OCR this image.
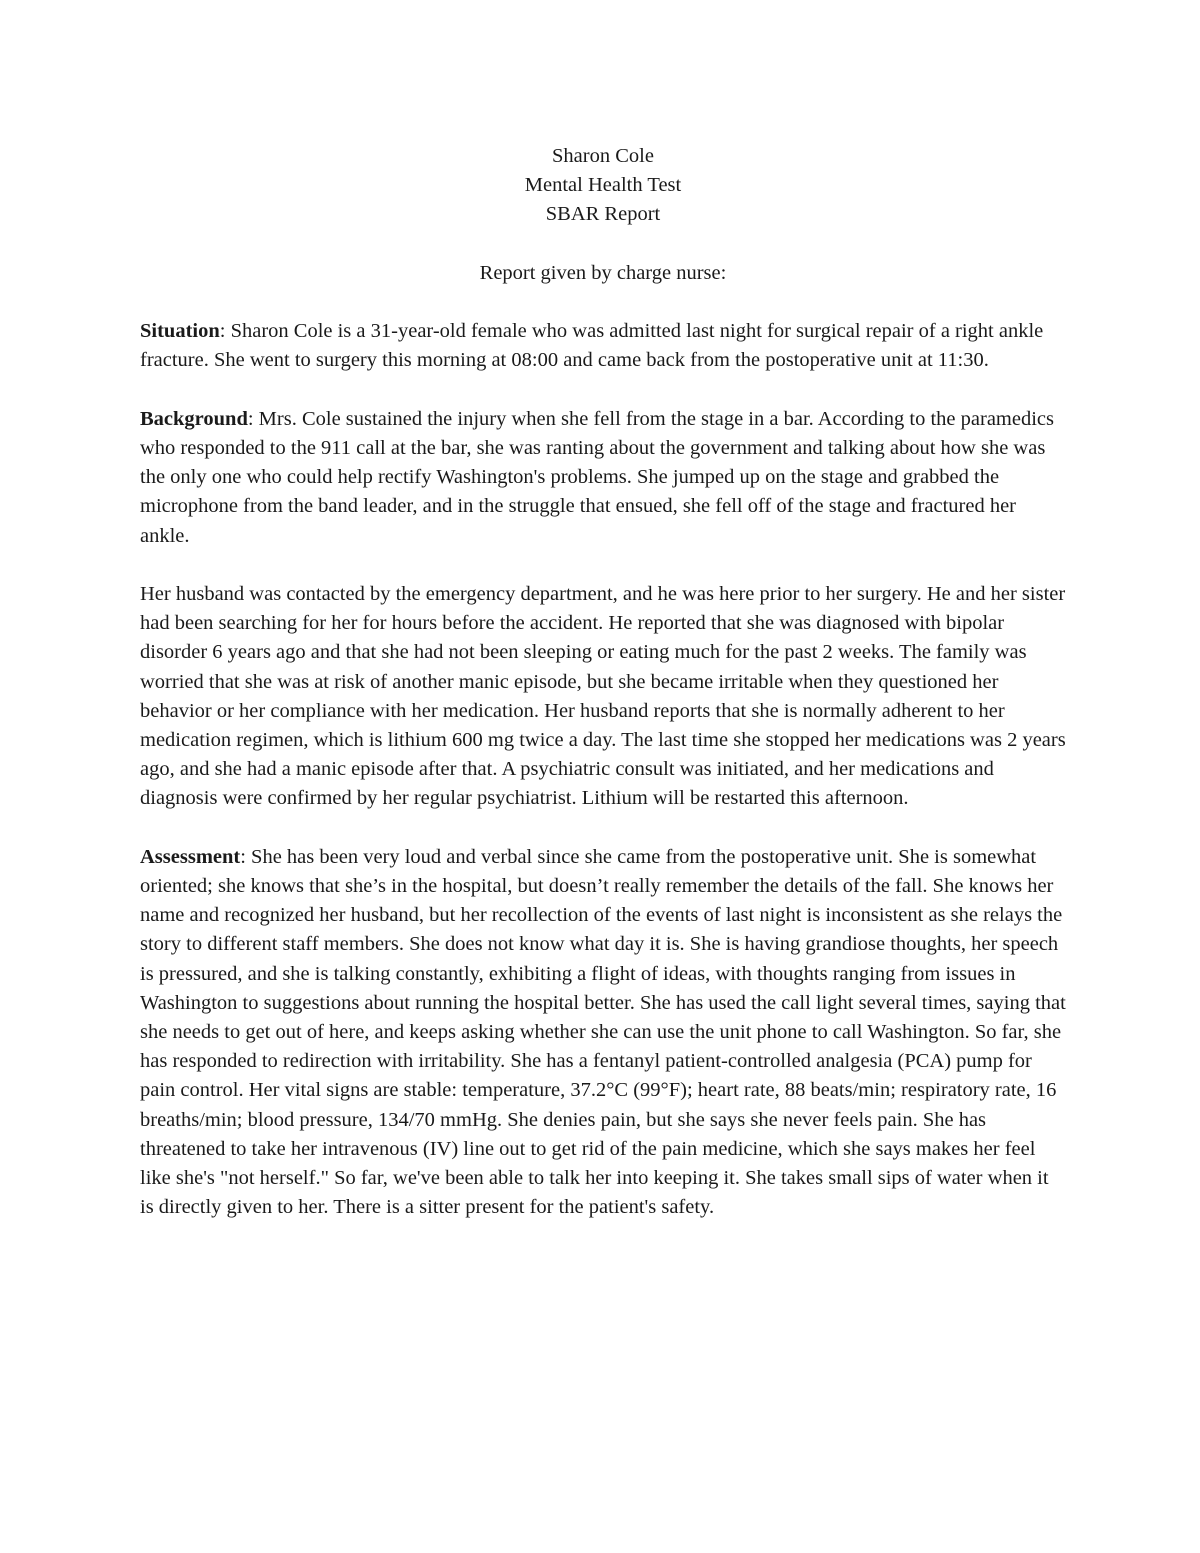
Sharon Cole
Mental Health Test
SBAR Report
Report given by charge nurse:

Situation: Sharon Cole is a 31-year-old female who was admitted last night for surgical repair of a right ankle fracture. She went to surgery this morning at 08:00 and came back from the postoperative unit at 11:30.

Background: Mrs. Cole sustained the injury when she fell from the stage in a bar. According to the paramedics who responded to the 911 call at the bar, she was ranting about the government and talking about how she was the only one who could help rectify Washington's problems. She jumped up on the stage and grabbed the microphone from the band leader, and in the struggle that ensued, she fell off of the stage and fractured her ankle.

Her husband was contacted by the emergency department, and he was here prior to her surgery. He and her sister had been searching for her for hours before the accident. He reported that she was diagnosed with bipolar disorder 6 years ago and that she had not been sleeping or eating much for the past 2 weeks. The family was worried that she was at risk of another manic episode, but she became irritable when they questioned her behavior or her compliance with her medication. Her husband reports that she is normally adherent to her medication regimen, which is lithium 600 mg twice a day. The last time she stopped her medications was 2 years ago, and she had a manic episode after that. A psychiatric consult was initiated, and her medications and diagnosis were confirmed by her regular psychiatrist. Lithium will be restarted this afternoon.

Assessment: She has been very loud and verbal since she came from the postoperative unit. She is somewhat oriented; she knows that she’s in the hospital, but doesn’t really remember the details of the fall. She knows her name and recognized her husband, but her recollection of the events of last night is inconsistent as she relays the story to different staff members. She does not know what day it is. She is having grandiose thoughts, her speech is pressured, and she is talking constantly, exhibiting a flight of ideas, with thoughts ranging from issues in Washington to suggestions about running the hospital better. She has used the call light several times, saying that she needs to get out of here, and keeps asking whether she can use the unit phone to call Washington. So far, she has responded to redirection with irritability. She has a fentanyl patient-controlled analgesia (PCA) pump for pain control. Her vital signs are stable: temperature, 37.2°C (99°F); heart rate, 88 beats/min; respiratory rate, 16 breaths/min; blood pressure, 134/70 mmHg. She denies pain, but she says she never feels pain. She has threatened to take her intravenous (IV) line out to get rid of the pain medicine, which she says makes her feel like she's "not herself." So far, we've been able to talk her into keeping it. She takes small sips of water when it is directly given to her. There is a sitter present for the patient's safety.
